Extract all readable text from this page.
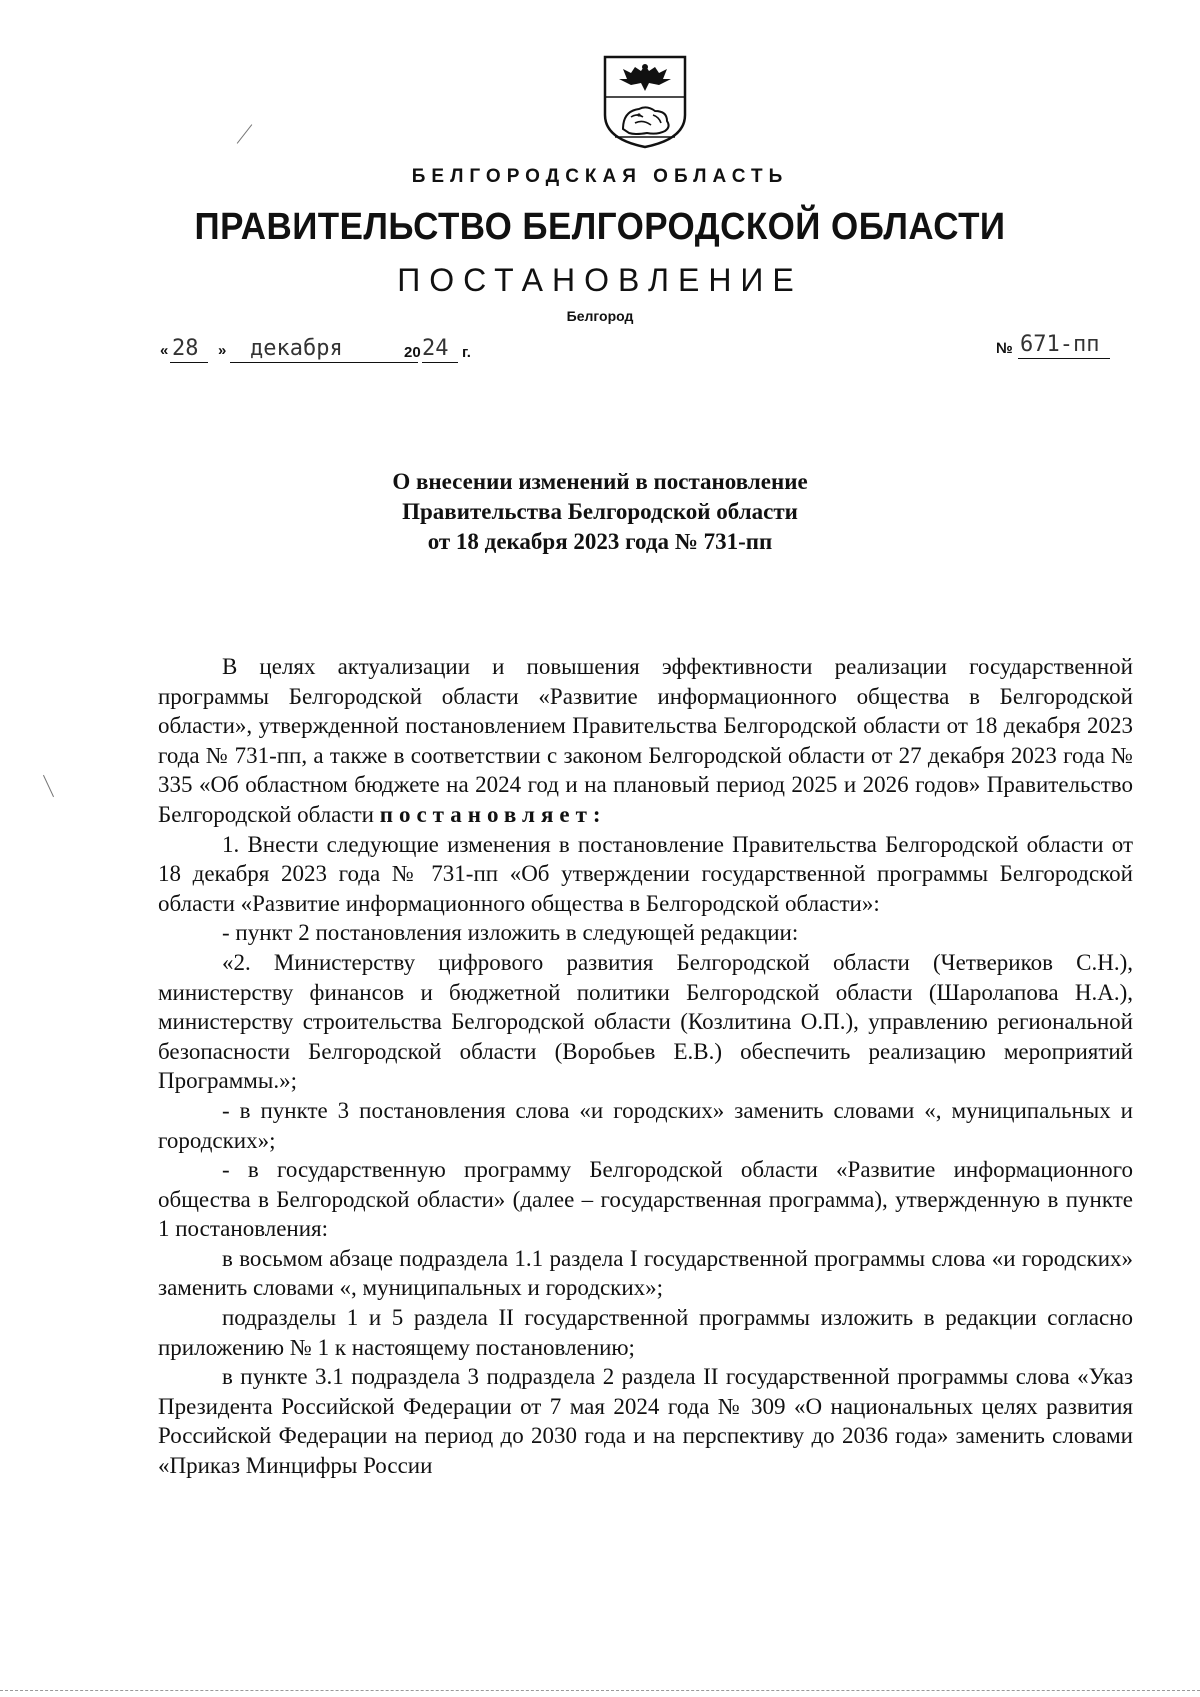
БЕЛГОРОДСКАЯ ОБЛАСТЬ
ПРАВИТЕЛЬСТВО БЕЛГОРОДСКОЙ ОБЛАСТИ
ПОСТАНОВЛЕНИЕ
Белгород
« 28 » декабря	20 24 г.	№ 671-пп
О внесении изменений в постановление
Правительства Белгородской области
от 18 декабря 2023 года № 731-пп

В целях актуализации и повышения эффективности реализации государственной программы Белгородской области «Развитие информационного общества в Белгородской области», утвержденной постановлением Правительства Белгородской области от 18 декабря 2023 года № 731-пп, а также в соответствии с законом Белгородской области от 27 декабря 2023 года № 335 «Об областном бюджете на 2024 год и на плановый период 2025 и 2026 годов» Правительство Белгородской области постановляет:

1. Внести следующие изменения в постановление Правительства Белгородской области от 18 декабря 2023 года № 731-пп «Об утверждении государственной программы Белгородской области «Развитие информационного общества в Белгородской области»:

- пункт 2 постановления изложить в следующей редакции:

«2. Министерству цифрового развития Белгородской области (Четвериков С.Н.), министерству финансов и бюджетной политики Белгородской области (Шаролапова Н.А.), министерству строительства Белгородской области (Козлитина О.П.), управлению региональной безопасности Белгородской области (Воробьев Е.В.) обеспечить реализацию мероприятий Программы.»;

- в пункте 3 постановления слова «и городских» заменить словами «, муниципальных и городских»;

- в государственную программу Белгородской области «Развитие информационного общества в Белгородской области» (далее – государственная программа), утвержденную в пункте 1 постановления:

в восьмом абзаце подраздела 1.1 раздела I государственной программы слова «и городских» заменить словами «, муниципальных и городских»;

подразделы 1 и 5 раздела II государственной программы изложить в редакции согласно приложению № 1 к настоящему постановлению;

в пункте 3.1 подраздела 3 подраздела 2 раздела II государственной программы слова «Указ Президента Российской Федерации от 7 мая 2024 года № 309 «О национальных целях развития Российской Федерации на период до 2030 года и на перспективу до 2036 года» заменить словами «Приказ Минцифры России
